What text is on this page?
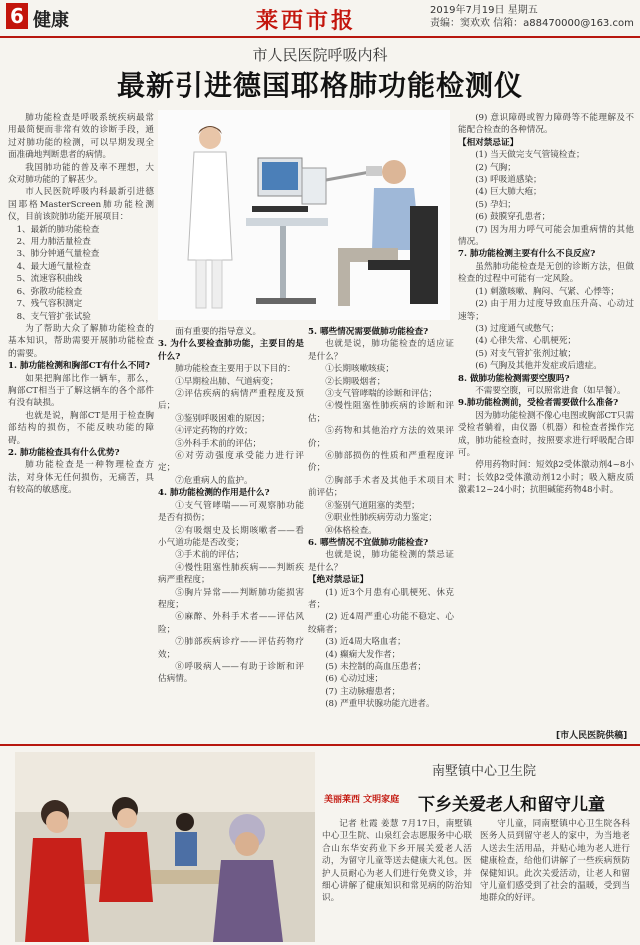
6 健康	莱西市报	2019年7月19日 星期五
责编：窦欢欢 信箱：a88470000@163.com
市人民医院呼吸内科
最新引进德国耶格肺功能检测仪

肺功能检查是呼吸系统疾病最常用最简便而非常有效的诊断手段，通过对肺功能的检测，可以早期发现全面准确地判断患者的病情。

我国肺功能的普及率不理想，大众对肺功能的了解甚少。

市人民医院呼吸内科最新引进德国耶格MasterScreen肺功能检测仪，目前该院肺功能开展项目：

1、最新的肺功能检查

2、用力肺活量检查

3、肺分钟通气量检查

4、最大通气量检查

5、流速容积曲线

6、弥散功能检查

7、残气容积测定

8、支气管扩张试验

为了帮助大众了解肺功能检查的基本知识，帮助需要开展肺功能检查的需要。

1. 肺功能检测和胸部CT有什么不同?

如果把胸部比作一辆车，那么，胸部CT相当于了解这辆车的各个部件有没有缺损。

也就是说，胸部CT是用于检查胸部结构的损伤，不能反映功能的障碍。

2. 肺功能检查具有什么优势?

肺功能检查是一种物理检查方法，对身体无任何损伤，无痛苦，具有较高的敏感度。

面有重要的指导意义。

3. 为什么要检查肺功能，主要目的是什么?

肺功能检查主要用于以下目的：

①早期检出肺、气道病变；

②评估疾病的病情严重程度及预后；

③鉴别呼吸困难的原因；

④评定药物的疗效；

⑤外科手术前的评估；

⑥对劳动强度承受能力进行评定；

⑦危重病人的监护。

4. 肺功能检测的作用是什么?

①支气管哮喘——可观察肺功能是否有损伤；

②有吸烟史及长期咳嗽者——看小气道功能是否改变；

③手术前的评估；

④慢性阻塞性肺疾病——判断疾病严重程度；

⑤胸片异常——判断肺功能损害程度；

⑥麻醉、外科手术者——评估风险；

⑦肺部疾病诊疗——评估药物疗效；

⑧呼吸病人——有助于诊断和评估病情。

5. 哪些情况需要做肺功能检查?

也就是说，肺功能检查的适应证是什么？

①长期咳嗽咳痰；

②长期吸烟者；

③支气管哮喘的诊断和评估；

④慢性阻塞性肺疾病的诊断和评估；

⑤药物和其他治疗方法的效果评价；

⑥肺部损伤的性质和严重程度评价；

⑦胸部手术者及其他手术项目术前评估；

⑧鉴别气道阻塞的类型；

⑨职业性肺疾病劳动力鉴定；

⑩体格检查。

6. 哪些情况不宜做肺功能检查?

也就是说，肺功能检测的禁忌证是什么？

【绝对禁忌证】

(1) 近3个月患有心肌梗死、休克者；

(2) 近4周严重心功能不稳定、心绞痛者；

(3) 近4周大咯血者；

(4) 癫痫大发作者；

(5) 未控制的高血压患者；

(6) 心动过速；

(7) 主动脉瘤患者；

(8) 严重甲状腺功能亢进者。

(9) 意识障碍或智力障碍等不能理解及不能配合检查的各种情况。

【相对禁忌证】

(1) 当天做完支气管镜检查；

(2) 气胸；

(3) 呼吸道感染；

(4) 巨大肺大疱；

(5) 孕妇；

(6) 鼓膜穿孔患者；

(7) 因为用力呼气可能会加重病情的其他情况。

7. 肺功能检测主要有什么不良反应?

虽然肺功能检查是无创的诊断方法，但做检查的过程中可能有一定风险。

(1) 刺激咳嗽、胸闷、气紧、心悸等；

(2) 由于用力过度导致血压升高、心动过速等；

(3) 过度通气或憋气；

(4) 心律失常、心肌梗死；

(5) 对支气管扩张剂过敏；

(6) 气胸及其他并发症或后遗症。

8. 做肺功能检测需要空腹吗?

不需要空腹，可以照常进食（如早餐）。

9.肺功能检测前，受检者需要做什么准备?

因为肺功能检测不像心电图或胸部CT只需受检者躺着，由仪器（机器）和检查者操作完成，肺功能检查时，按照要求进行呼吸配合即可。

停用药物时间：短效β2受体激动剂4~8小时；长效β2受体激动剂12小时；吸入糖皮质激素12~24小时；抗胆碱能药物48小时。

[市人民医院供稿]
美丽莱西 文明家庭
南墅镇中心卫生院
下乡关爱老人和留守儿童

记者 杜霞 姜慧 7月17日，南墅镇中心卫生院、山泉红会志愿服务中心联合山东华安药业下乡开展关爱老人活动，为留守儿童等送去健康大礼包。医护人员耐心为老人们进行免费义诊，并细心讲解了健康知识和常见病的防治知识。

守儿童，同南墅镇中心卫生院各科医务人员到留守老人的家中，为当地老人送去生活用品，并贴心地为老人进行健康检查，给他们讲解了一些疾病预防保健知识。此次关爱活动，让老人和留守儿童们感受到了社会的温暖，受到当地群众的好评。
